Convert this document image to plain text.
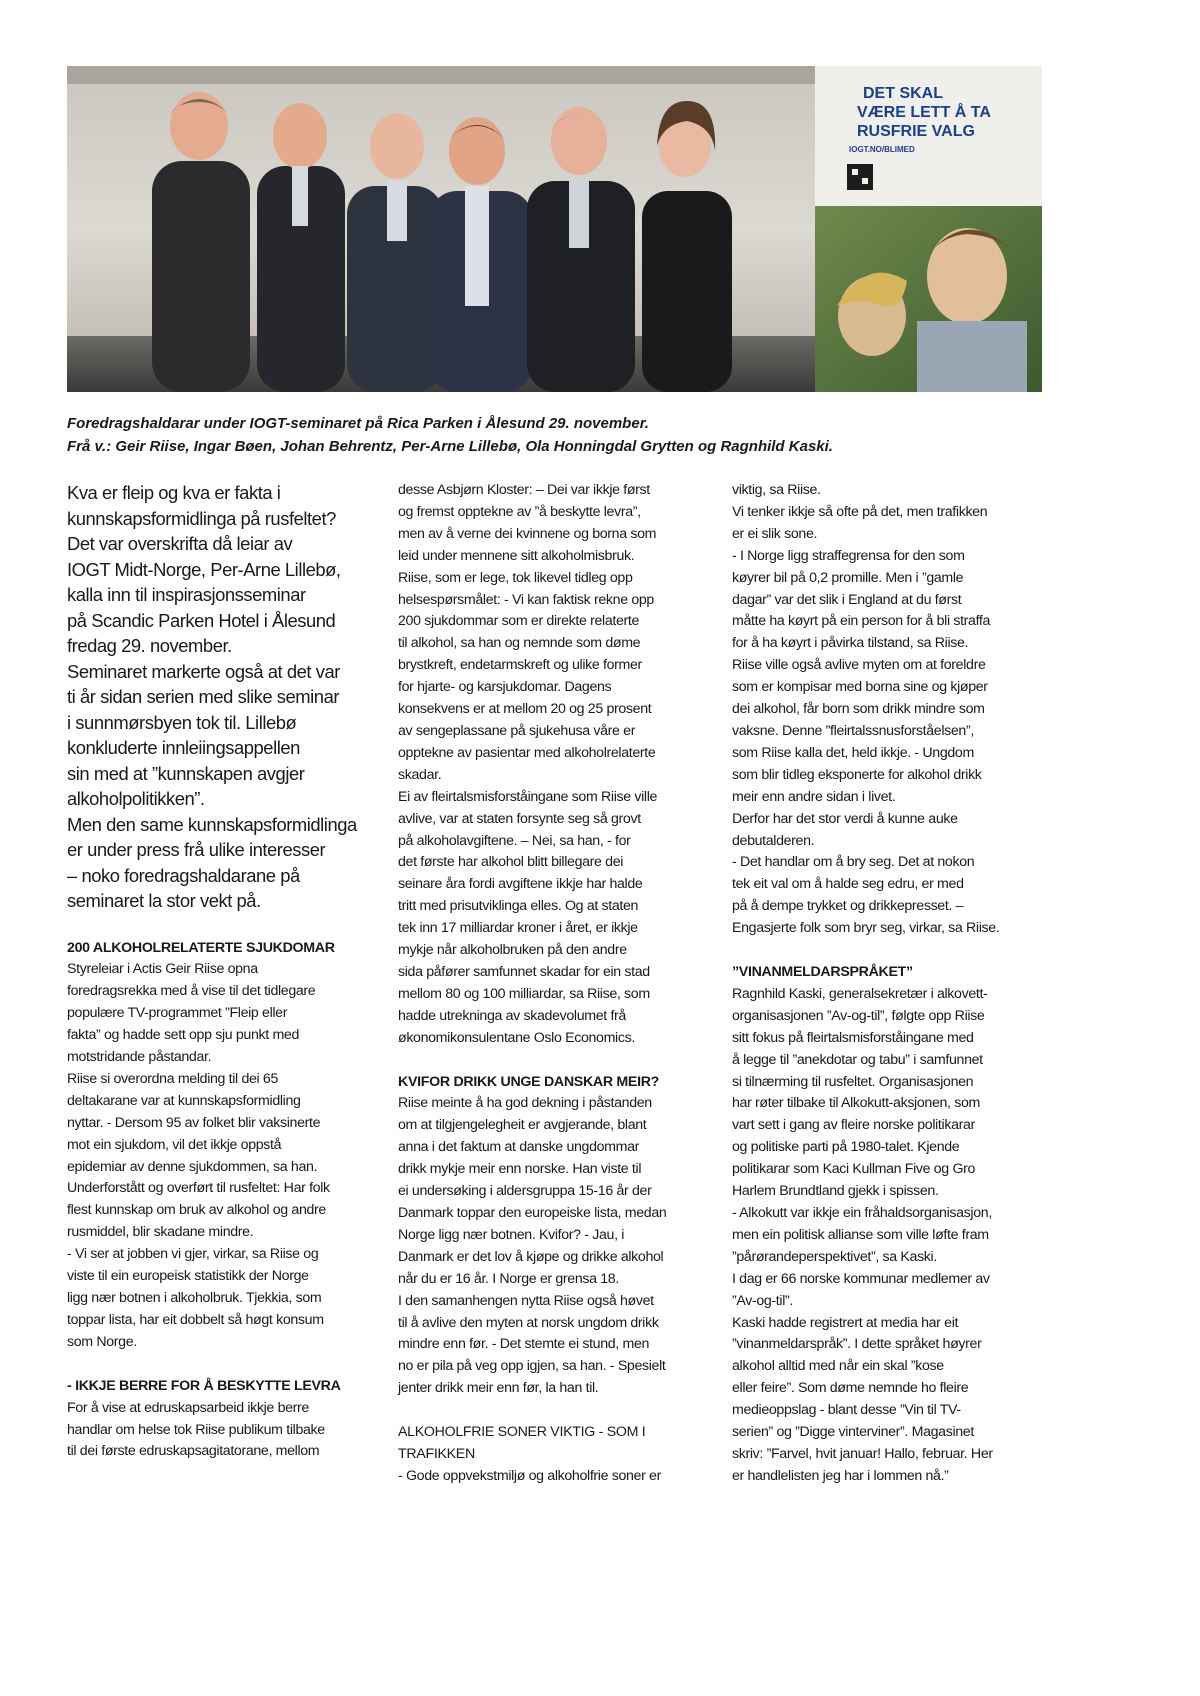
DET SKAL
VÆRE LETT Å TA
RUSFRIE VALG
IOGT.NO/BLIMED
Foredragshaldarar under IOGT-seminaret på Rica Parken i Ålesund 29. november.
Frå v.: Geir Riise, Ingar Bøen, Johan Behrentz, Per-Arne Lillebø, Ola Honningdal Grytten og Ragnhild Kaski.
Kva er fleip og kva er fakta i
kunnskapsformidlinga på rusfeltet?
Det var overskrifta då leiar av
IOGT Midt-Norge, Per-Arne Lillebø,
kalla inn til inspirasjonsseminar
på Scandic Parken Hotel i Ålesund
fredag 29. november.
Seminaret markerte også at det var
ti år sidan serien med slike seminar
i sunnmørsbyen tok til. Lillebø
konkluderte innleiingsappellen
sin med at ”kunnskapen avgjer
alkoholpolitikken”.
Men den same kunnskapsformidlinga
er under press frå ulike interesser
– noko foredragshaldarane på
seminaret la stor vekt på.
200 ALKOHOLRELATERTE SJUKDOMAR
Styreleiar i Actis Geir Riise opna
foredragsrekka med å vise til det tidlegare
populære TV-programmet ”Fleip eller
fakta” og hadde sett opp sju punkt med
motstridande påstandar.
Riise si overordna melding til dei 65
deltakarane var at kunnskapsformidling
nyttar. - Dersom 95 av folket blir vaksinerte
mot ein sjukdom, vil det ikkje oppstå
epidemiar av denne sjukdommen, sa han.
Underforstått og overført til rusfeltet: Har folk
flest kunnskap om bruk av alkohol og andre
rusmiddel, blir skadane mindre.
- Vi ser at jobben vi gjer, virkar, sa Riise og
viste til ein europeisk statistikk der Norge
ligg nær botnen i alkoholbruk. Tjekkia, som
toppar lista, har eit dobbelt så høgt konsum
som Norge.
- IKKJE BERRE FOR Å BESKYTTE LEVRA
For å vise at edruskapsarbeid ikkje berre
handlar om helse tok Riise publikum tilbake
til dei første edruskapsagitatorane, mellom
desse Asbjørn Kloster: – Dei var ikkje først
og fremst opptekne av ”å beskytte levra”,
men av å verne dei kvinnene og borna som
leid under mennene sitt alkoholmisbruk.
Riise, som er lege, tok likevel tidleg opp
helsespørsmålet: - Vi kan faktisk rekne opp
200 sjukdommar som er direkte relaterte
til alkohol, sa han og nemnde som døme
brystkreft, endetarmskreft og ulike former
for hjarte- og karsjukdomar. Dagens
konsekvens er at mellom 20 og 25 prosent
av sengeplassane på sjukehusa våre er
opptekne av pasientar med alkoholrelaterte
skadar.
Ei av fleirtalsmisforståingane som Riise ville
avlive, var at staten forsynte seg så grovt
på alkoholavgiftene. – Nei, sa han, - for
det første har alkohol blitt billegare dei
seinare åra fordi avgiftene ikkje har halde
tritt med prisutviklinga elles. Og at staten
tek inn 17 milliardar kroner i året, er ikkje
mykje når alkoholbruken på den andre
sida påfører samfunnet skadar for ein stad
mellom 80 og 100 milliardar, sa Riise, som
hadde utrekninga av skadevolumet frå
økonomikonsulentane Oslo Economics.
KVIFOR DRIKK UNGE DANSKAR MEIR?
Riise meinte å ha god dekning i påstanden
om at tilgjengelegheit er avgjerande, blant
anna i det faktum at danske ungdommar
drikk mykje meir enn norske. Han viste til
ei undersøking i aldersgruppa 15-16 år der
Danmark toppar den europeiske lista, medan
Norge ligg nær botnen. Kvifor? - Jau, i
Danmark er det lov å kjøpe og drikke alkohol
når du er 16 år. I Norge er grensa 18.
I den samanhengen nytta Riise også høvet
til å avlive den myten at norsk ungdom drikk
mindre enn før. - Det stemte ei stund, men
no er pila på veg opp igjen, sa han. - Spesielt
jenter drikk meir enn før, la han til.
ALKOHOLFRIE SONER VIKTIG - SOM I
TRAFIKKEN
- Gode oppvekstmiljø og alkoholfrie soner er
viktig, sa Riise.
Vi tenker ikkje så ofte på det, men trafikken
er ei slik sone.
- I Norge ligg straffegrensa for den som
køyrer bil på 0,2 promille. Men i ”gamle
dagar” var det slik i England at du først
måtte ha køyrt på ein person for å bli straffa
for å ha køyrt i påvirka tilstand, sa Riise.
Riise ville også avlive myten om at foreldre
som er kompisar med borna sine og kjøper
dei alkohol, får born som drikk mindre som
vaksne. Denne ”fleirtalssnusforståelsen”,
som Riise kalla det, held ikkje. - Ungdom
som blir tidleg eksponerte for alkohol drikk
meir enn andre sidan i livet.
Derfor har det stor verdi å kunne auke
debutalderen.
- Det handlar om å bry seg. Det at nokon
tek eit val om å halde seg edru, er med
på å dempe trykket og drikkepresset. –
Engasjerte folk som bryr seg, virkar, sa Riise.
”VINANMELDARSPRÅKET”
Ragnhild Kaski, generalsekretær i alkovett-
organisasjonen ”Av-og-til”, følgte opp Riise
sitt fokus på fleirtalsmisforståingane med
å legge til ”anekdotar og tabu” i samfunnet
si tilnærming til rusfeltet. Organisasjonen
har røter tilbake til Alkokutt-aksjonen, som
vart sett i gang av fleire norske politikarar
og politiske parti på 1980-talet. Kjende
politikarar som Kaci Kullman Five og Gro
Harlem Brundtland gjekk i spissen.
- Alkokutt var ikkje ein fråhaldsorganisasjon,
men ein politisk allianse som ville løfte fram
”pårørandeperspektivet”, sa Kaski.
I dag er 66 norske kommunar medlemer av
”Av-og-til”.
Kaski hadde registrert at media har eit
”vinanmeldarspråk”. I dette språket høyrer
alkohol alltid med når ein skal ”kose
eller feire”. Som døme nemnde ho fleire
medieoppslag - blant desse ”Vin til TV-
serien” og ”Digge vinterviner”. Magasinet
skriv: ”Farvel, hvit januar! Hallo, februar. Her
er handlelisten jeg har i lommen nå.”
